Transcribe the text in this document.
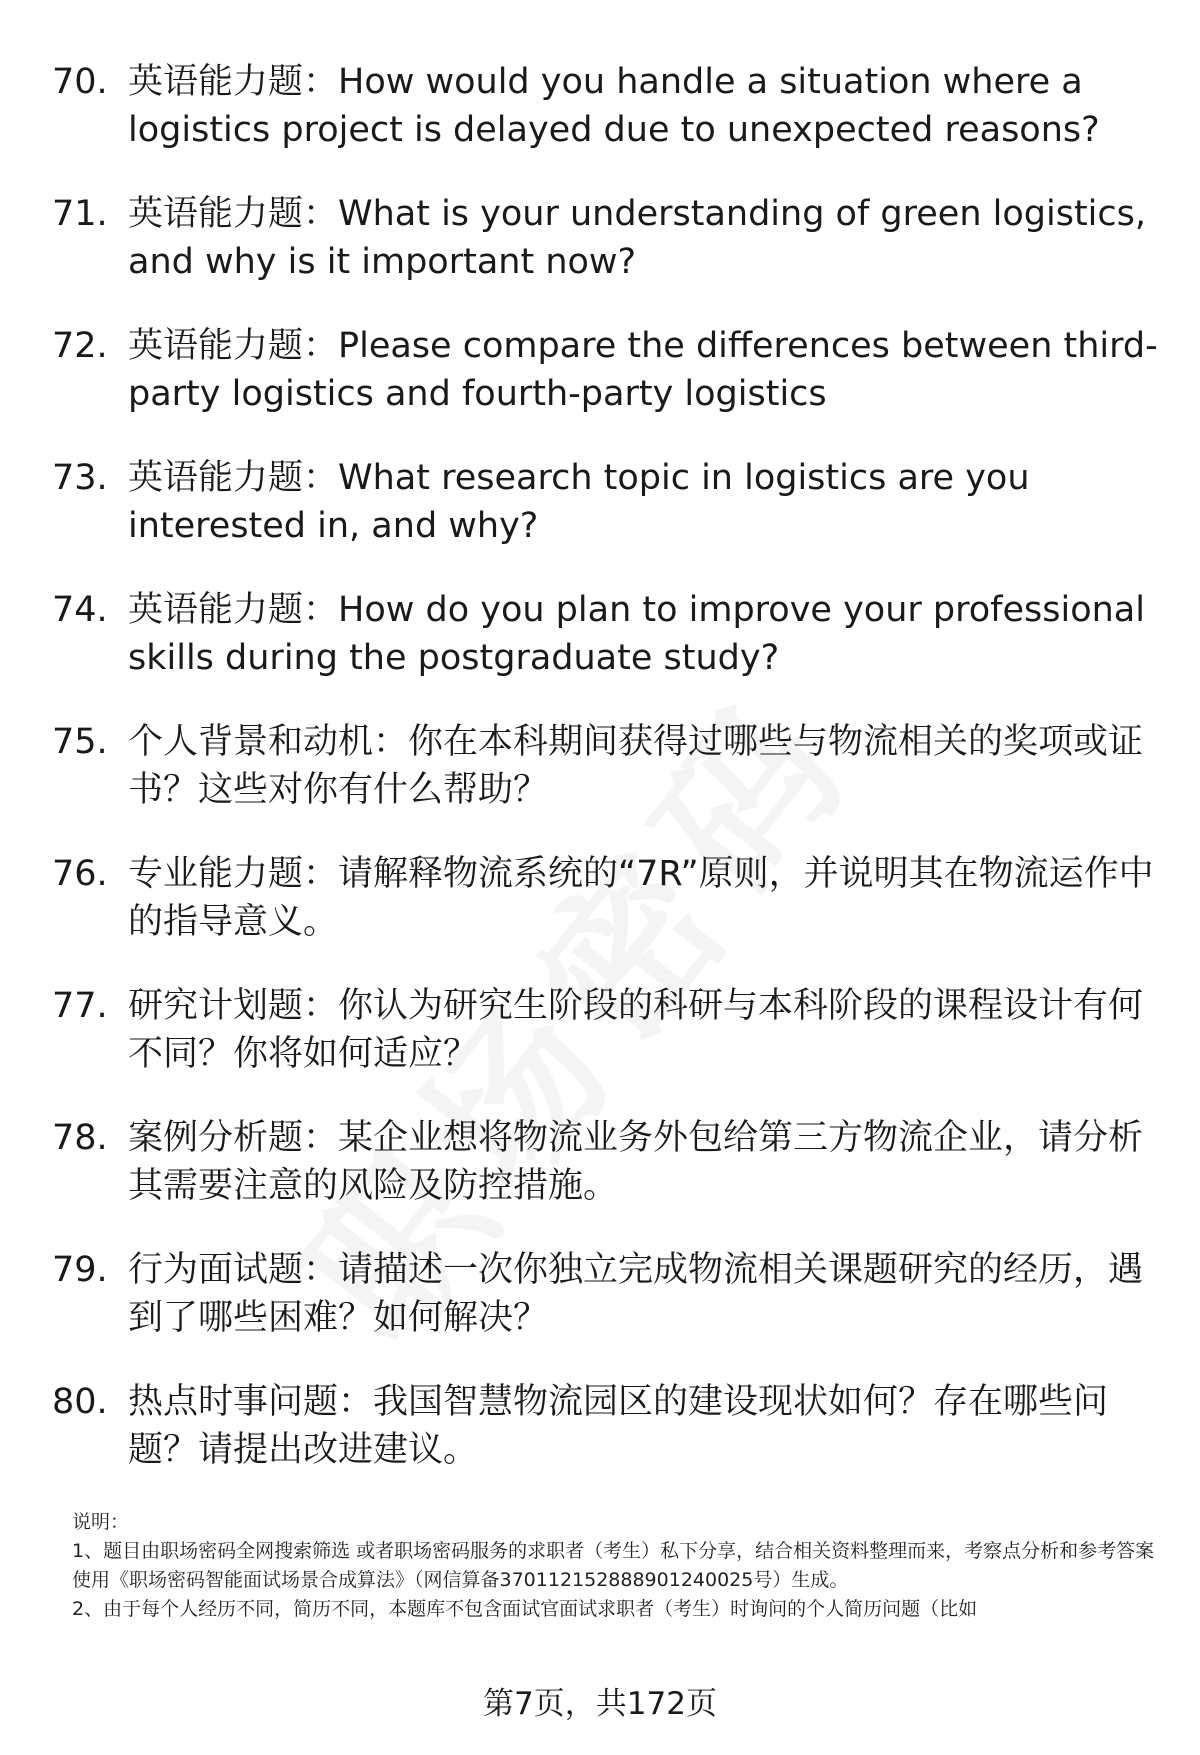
70. 英语能力题：How would you handle a situation where a logistics project is delayed due to unexpected reasons?
71. 英语能力题：What is your understanding of green logistics, and why is it important now?
72. 英语能力题：Please compare the differences between third-party logistics and fourth-party logistics
73. 英语能力题：What research topic in logistics are you interested in, and why?
74. 英语能力题：How do you plan to improve your professional skills during the postgraduate study?
75. 个人背景和动机：你在本科期间获得过哪些与物流相关的奖项或证书？这些对你有什么帮助？
76. 专业能力题：请解释物流系统的“7R”原则，并说明其在物流运作中的指导意义。
77. 研究计划题：你认为研究生阶段的科研与本科阶段的课程设计有何不同？你将如何适应？
78. 案例分析题：某企业想将物流业务外包给第三方物流企业，请分析其需要注意的风险及防控措施。
79. 行为面试题：请描述一次你独立完成物流相关课题研究的经历，遇到了哪些困难？如何解决？
80. 热点时事问题：我国智慧物流园区的建设现状如何？存在哪些问题？请提出改进建议。

说明：

1、题目由职场密码全网搜索筛选 或者职场密码服务的求职者（考生）私下分享，结合相关资料整理而来，考察点分析和参考答案使用《职场密码智能面试场景合成算法》（网信算备370112152888901240025号）生成。

2、由于每个人经历不同，简历不同，本题库不包含面试官面试求职者（考生）时询问的个人简历问题（比如

第7页，共172页
